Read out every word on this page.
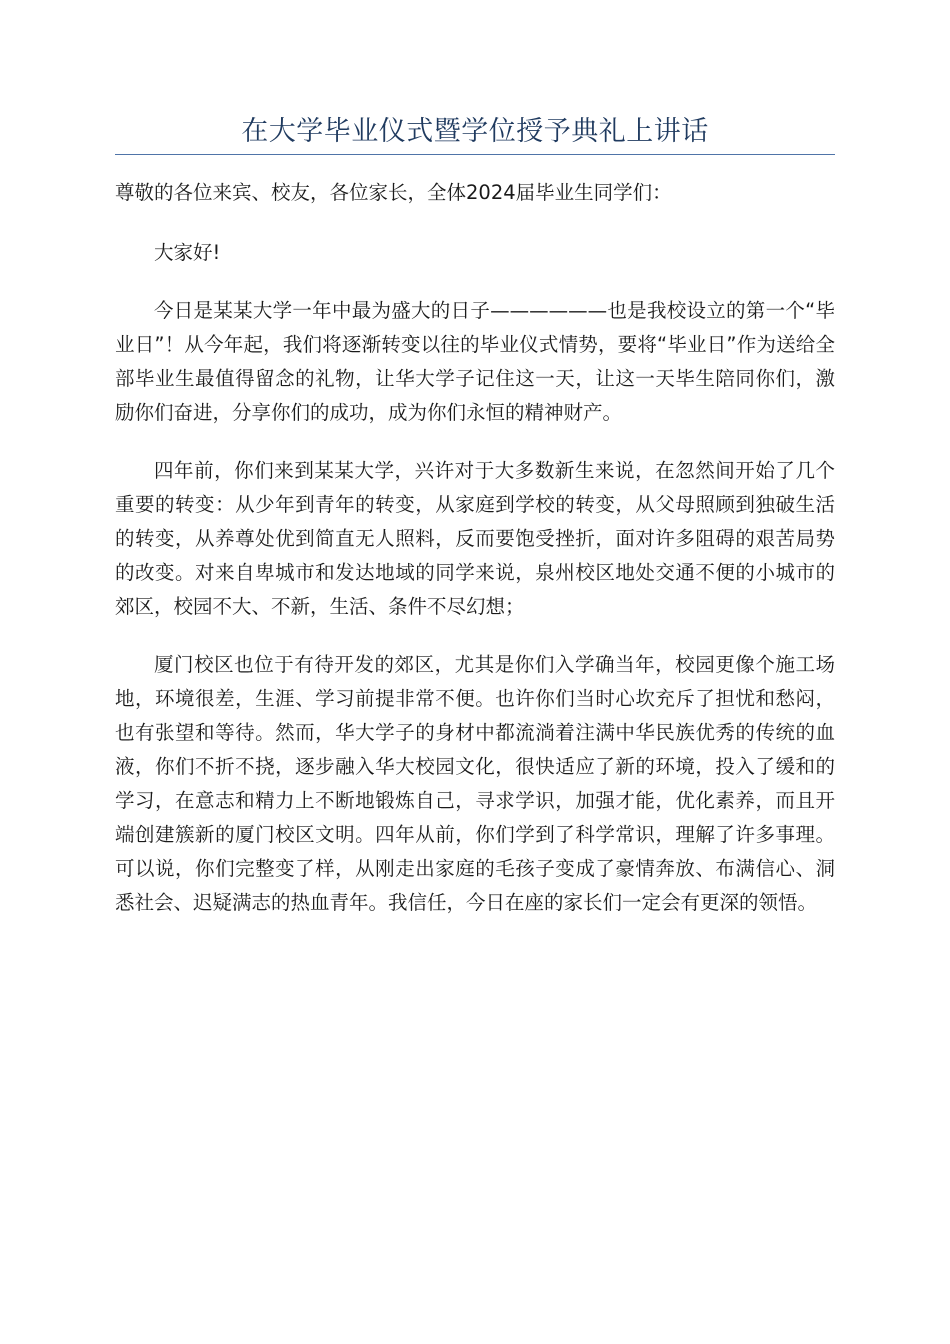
在大学毕业仪式暨学位授予典礼上讲话

尊敬的各位来宾、校友，各位家长，全体2024届毕业生同学们：

大家好!

今日是某某大学一年中最为盛大的日子——————也是我校设立的第一个“毕业日”！从今年起，我们将逐渐转变以往的毕业仪式情势，要将“毕业日”作为送给全部毕业生最值得留念的礼物，让华大学子记住这一天，让这一天毕生陪同你们，激励你们奋进，分享你们的成功，成为你们永恒的精神财产。

四年前，你们来到某某大学，兴许对于大多数新生来说，在忽然间开始了几个重要的转变：从少年到青年的转变，从家庭到学校的转变，从父母照顾到独破生活的转变，从养尊处优到简直无人照料，反而要饱受挫折，面对许多阻碍的艰苦局势的改变。对来自卑城市和发达地域的同学来说，泉州校区地处交通不便的小城市的郊区，校园不大、不新，生活、条件不尽幻想；

厦门校区也位于有待开发的郊区，尤其是你们入学确当年，校园更像个施工场地，环境很差，生涯、学习前提非常不便。也许你们当时心坎充斥了担忧和愁闷，也有张望和等待。然而，华大学子的身材中都流淌着注满中华民族优秀的传统的血液，你们不折不挠，逐步融入华大校园文化，很快适应了新的环境，投入了缓和的学习，在意志和精力上不断地锻炼自己，寻求学识，加强才能，优化素养，而且开端创建簇新的厦门校区文明。四年从前，你们学到了科学常识，理解了许多事理。可以说，你们完整变了样，从刚走出家庭的毛孩子变成了豪情奔放、布满信心、洞悉社会、迟疑满志的热血青年。我信任，今日在座的家长们一定会有更深的领悟。
